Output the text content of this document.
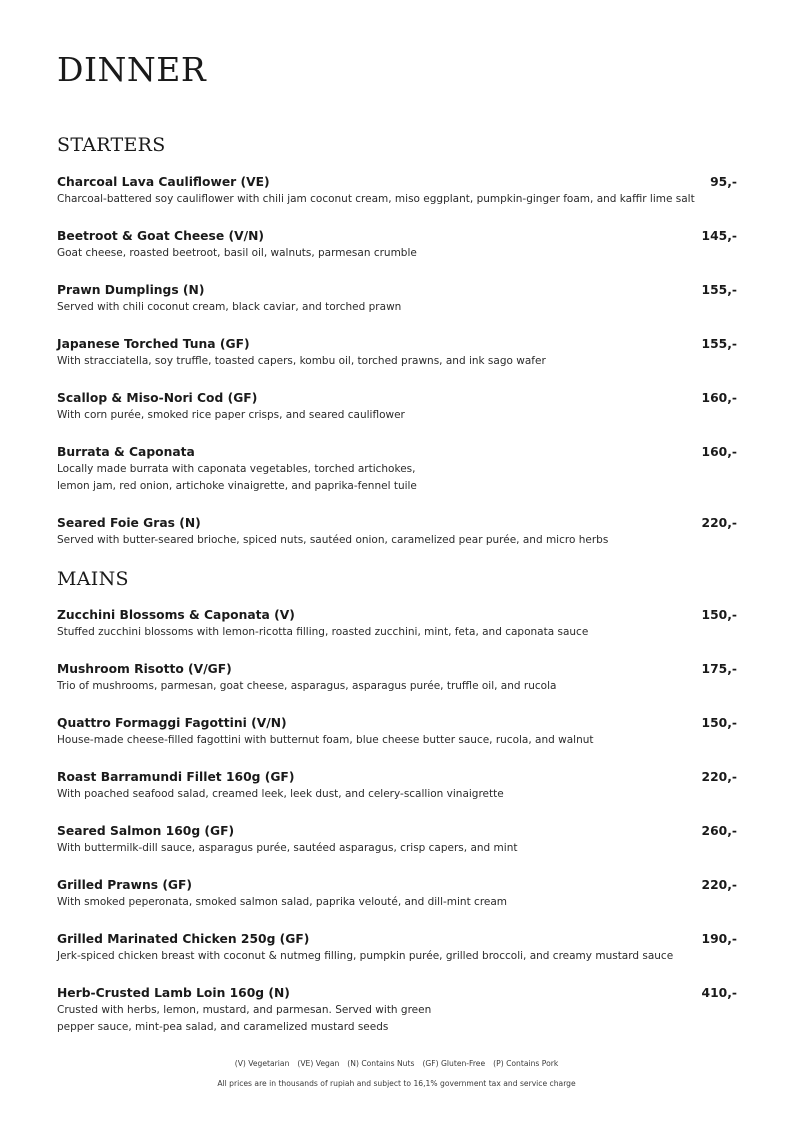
DINNER
STARTERS
Charcoal Lava Cauliflower (VE)	95,-
Charcoal-battered soy cauliflower with chili jam coconut cream, miso eggplant, pumpkin-ginger foam, and kaffir lime salt
Beetroot & Goat Cheese (V/N)	145,-
Goat cheese, roasted beetroot, basil oil, walnuts, parmesan crumble
Prawn Dumplings (N)	155,-
Served with chili coconut cream, black caviar, and torched prawn
Japanese Torched Tuna (GF)	155,-
With stracciatella, soy truffle, toasted capers, kombu oil, torched prawns, and ink sago wafer
Scallop & Miso-Nori Cod (GF)	160,-
With corn purée, smoked rice paper crisps, and seared cauliflower
Burrata & Caponata	160,-
Locally made burrata with caponata vegetables, torched artichokes,
lemon jam, red onion, artichoke vinaigrette, and paprika-fennel tuile
Seared Foie Gras (N)	220,-
Served with butter-seared brioche, spiced nuts, sautéed onion, caramelized pear purée, and micro herbs
MAINS
Zucchini Blossoms & Caponata (V)	150,-
Stuffed zucchini blossoms with lemon-ricotta filling, roasted zucchini, mint, feta, and caponata sauce
Mushroom Risotto (V/GF)	175,-
Trio of mushrooms, parmesan, goat cheese, asparagus, asparagus purée, truffle oil, and rucola
Quattro Formaggi Fagottini (V/N)	150,-
House-made cheese-filled fagottini with butternut foam, blue cheese butter sauce, rucola, and walnut
Roast Barramundi Fillet 160g (GF)	220,-
With poached seafood salad, creamed leek, leek dust, and celery-scallion vinaigrette
Seared Salmon 160g (GF)	260,-
With buttermilk-dill sauce, asparagus purée, sautéed asparagus, crisp capers, and mint
Grilled Prawns (GF)	220,-
With smoked peperonata, smoked salmon salad, paprika velouté, and dill-mint cream
Grilled Marinated Chicken 250g (GF)	190,-
Jerk-spiced chicken breast with coconut & nutmeg filling, pumpkin purée, grilled broccoli, and creamy mustard sauce
Herb-Crusted Lamb Loin 160g (N)	410,-
Crusted with herbs, lemon, mustard, and parmesan. Served with green
pepper sauce, mint-pea salad, and caramelized mustard seeds
(V) Vegetarian (VE) Vegan (N) Contains Nuts (GF) Gluten-Free (P) Contains Pork
All prices are in thousands of rupiah and subject to 16,1% government tax and service charge
